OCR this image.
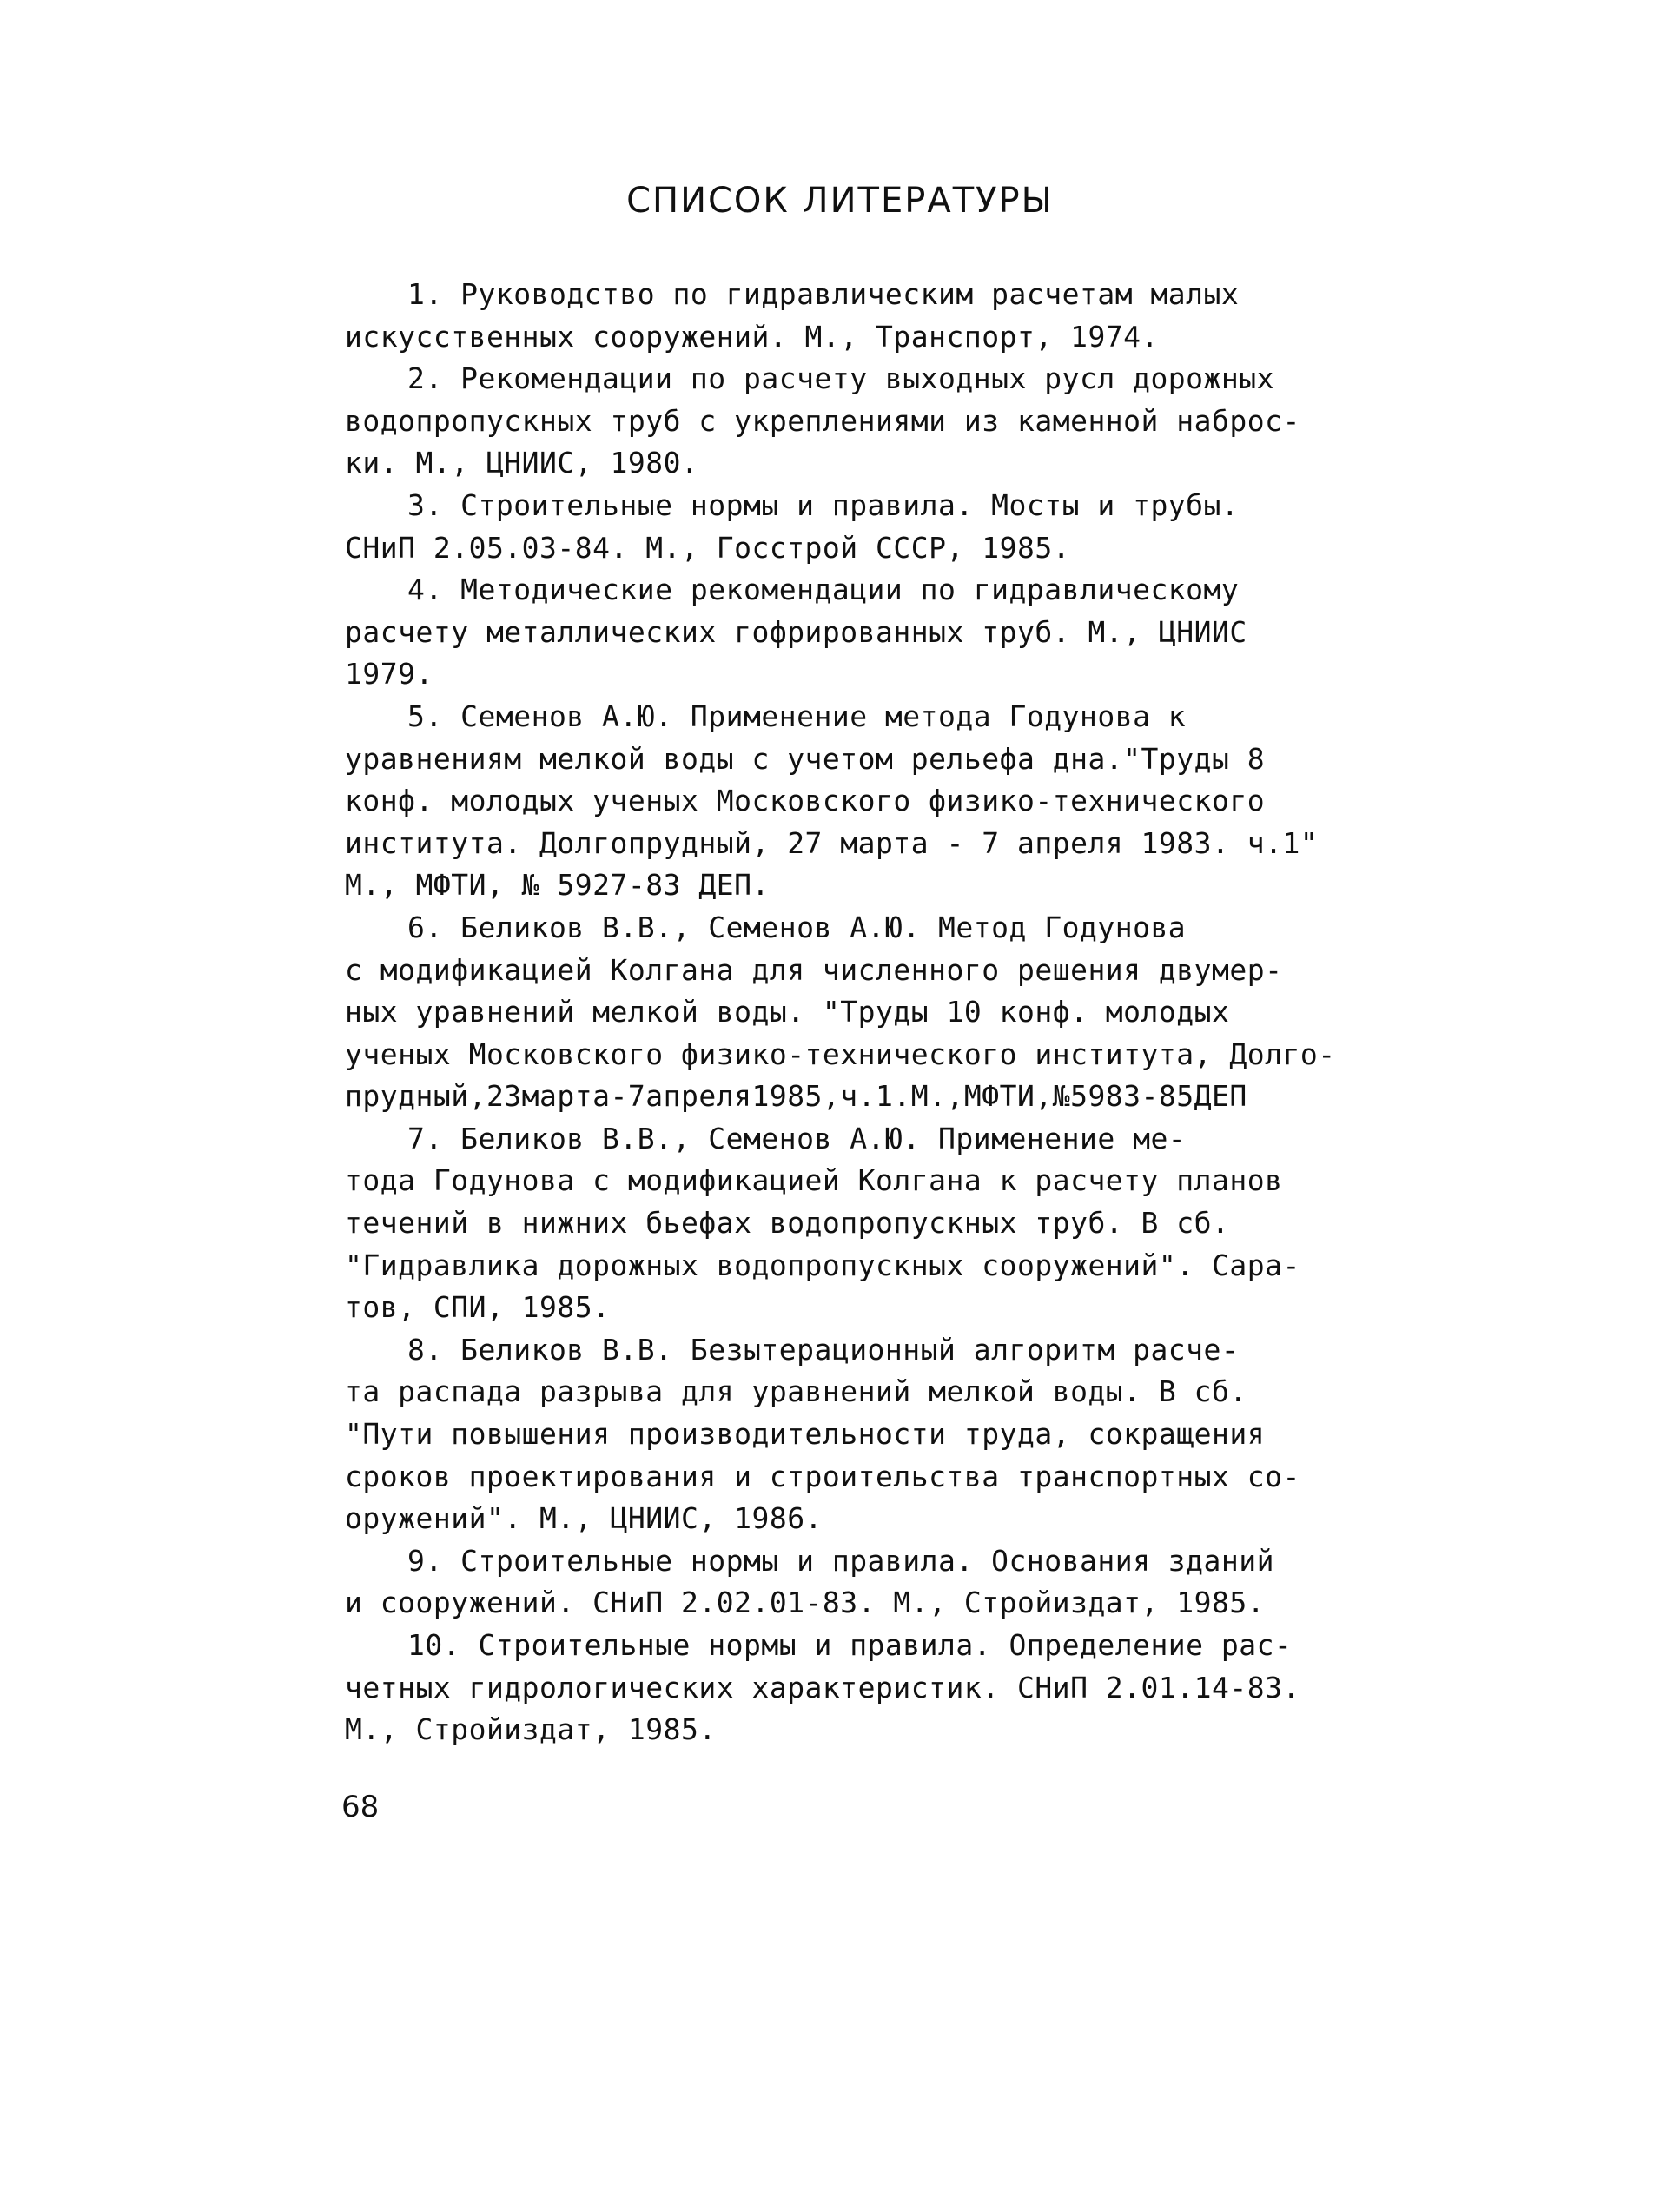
СПИСОК ЛИТЕРАТУРЫ
1. Руководство по гидравлическим расчетам малых
искусственных сооружений. М., Транспорт, 1974.
2. Рекомендации по расчету выходных русл дорожных
водопропускных труб с укреплениями из каменной наброс-
ки. М., ЦНИИС, 1980.
3. Строительные нормы и правила. Мосты и трубы.
СНиП 2.05.03-84. М., Госстрой СССР, 1985.
4. Методические рекомендации по гидравлическому
расчету металлических гофрированных труб. М., ЦНИИС
1979.
5. Семенов А.Ю. Применение метода Годунова к
уравнениям мелкой воды с учетом рельефа дна."Труды 8
конф. молодых ученых Московского физико-технического
института. Долгопрудный, 27 марта - 7 апреля 1983. ч.1"
М., МФТИ, № 5927-83 ДЕП.
6. Беликов В.В., Семенов А.Ю. Метод Годунова
с модификацией Колгана для численного решения двумер-
ных уравнений мелкой воды. "Труды 10 конф. молодых
ученых Московского физико-технического института, Долго-
прудный,23марта-7апреля1985,ч.1.М.,МФТИ,№5983-85ДЕП
7. Беликов В.В., Семенов А.Ю. Применение ме-
тода Годунова с модификацией Колгана к расчету планов
течений в нижних бьефах водопропускных труб. В сб.
"Гидравлика дорожных водопропускных сооружений". Сара-
тов, СПИ, 1985.
8. Беликов В.В. Безытерационный алгоритм расче-
та распада разрыва для уравнений мелкой воды. В сб.
"Пути повышения производительности труда, сокращения
сроков проектирования и строительства транспортных со-
оружений". М., ЦНИИС, 1986.
9. Строительные нормы и правила. Основания зданий
и сооружений. СНиП 2.02.01-83. М., Стройиздат, 1985.
10. Строительные нормы и правила. Определение рас-
четных гидрологических характеристик. СНиП 2.01.14-83.
М., Стройиздат, 1985.
68
